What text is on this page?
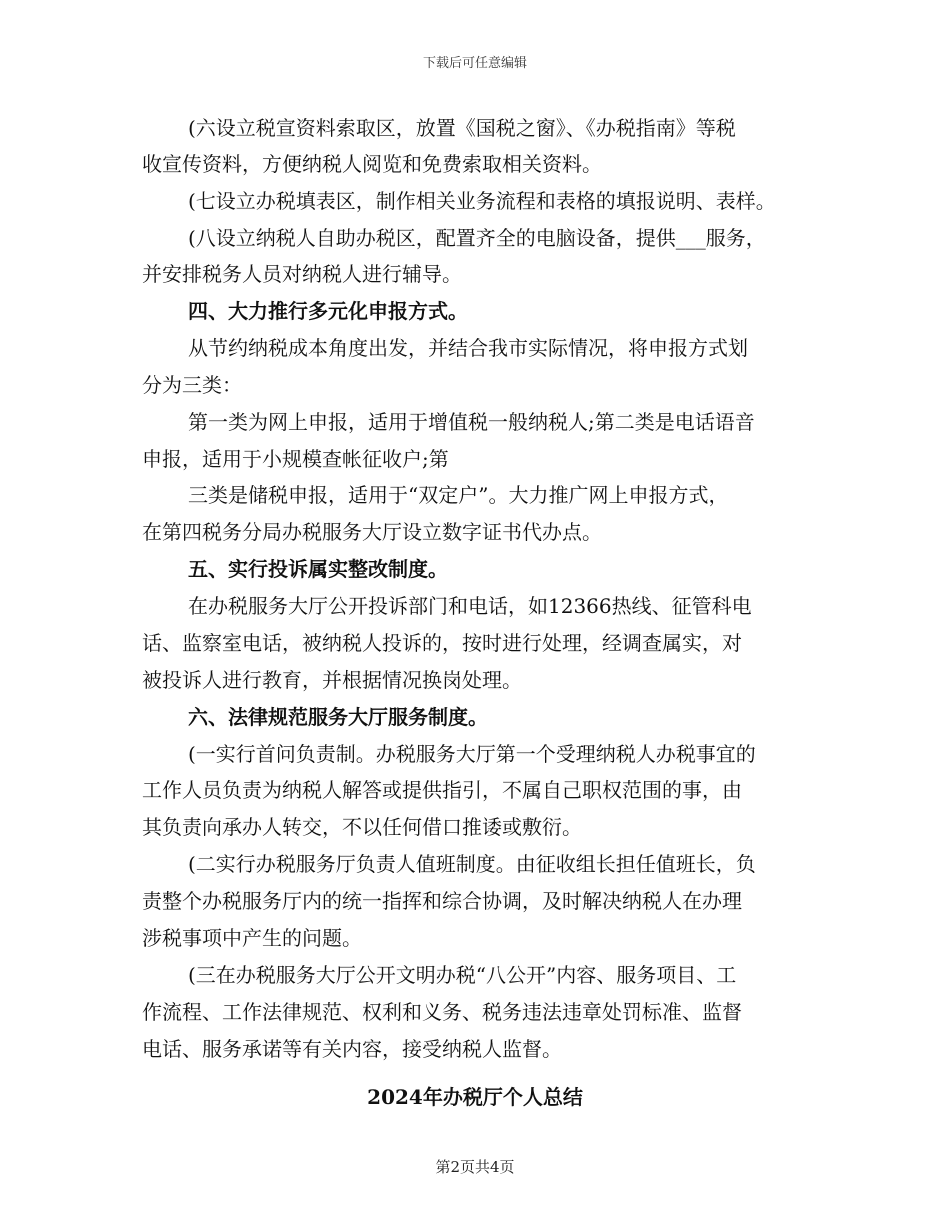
下载后可任意编辑
(六设立税宣资料索取区，放置《国税之窗》、《办税指南》等税
收宣传资料，方便纳税人阅览和免费索取相关资料。
(七设立办税填表区，制作相关业务流程和表格的填报说明、表样。
(八设立纳税人自助办税区，配置齐全的电脑设备，提供___服务，
并安排税务人员对纳税人进行辅导。
四、大力推行多元化申报方式。
从节约纳税成本角度出发，并结合我市实际情况，将申报方式划
分为三类：
第一类为网上申报，适用于增值税一般纳税人;第二类是电话语音
申报，适用于小规模查帐征收户;第
三类是储税申报，适用于“双定户”。大力推广网上申报方式，
在第四税务分局办税服务大厅设立数字证书代办点。
五、实行投诉属实整改制度。
在办税服务大厅公开投诉部门和电话，如12366热线、征管科电
话、监察室电话，被纳税人投诉的，按时进行处理，经调查属实，对
被投诉人进行教育，并根据情况换岗处理。
六、法律规范服务大厅服务制度。
(一实行首问负责制。办税服务大厅第一个受理纳税人办税事宜的
工作人员负责为纳税人解答或提供指引，不属自己职权范围的事，由
其负责向承办人转交，不以任何借口推诿或敷衍。
(二实行办税服务厅负责人值班制度。由征收组长担任值班长，负
责整个办税服务厅内的统一指挥和综合协调，及时解决纳税人在办理
涉税事项中产生的问题。
(三在办税服务大厅公开文明办税“八公开”内容、服务项目、工
作流程、工作法律规范、权利和义务、税务违法违章处罚标准、监督
电话、服务承诺等有关内容，接受纳税人监督。
2024年办税厅个人总结
第2页共4页
